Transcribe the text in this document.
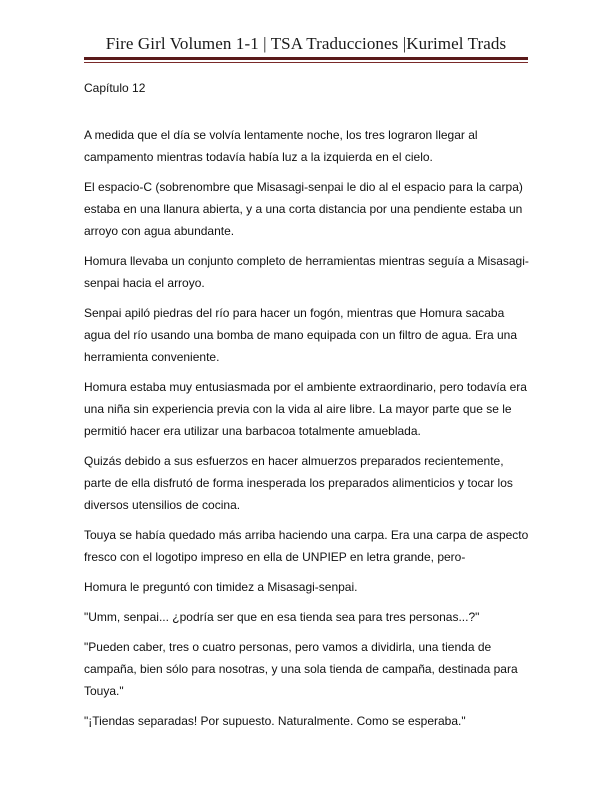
Fire Girl Volumen 1-1 | TSA Traducciones |Kurimel Trads
Capítulo 12

A medida que el día se volvía lentamente noche, los tres lograron llegar al campamento mientras todavía había luz a la izquierda en el cielo.

El espacio-C (sobrenombre que Misasagi-senpai le dio al el espacio para la carpa) estaba en una llanura abierta, y a una corta distancia por una pendiente estaba un arroyo con agua abundante.

Homura llevaba un conjunto completo de herramientas mientras seguía a Misasagi-senpai hacia el arroyo.

Senpai apiló piedras del río para hacer un fogón, mientras que Homura sacaba agua del río usando una bomba de mano equipada con un filtro de agua. Era una herramienta conveniente.

Homura estaba muy entusiasmada por el ambiente extraordinario, pero todavía era una niña sin experiencia previa con la vida al aire libre. La mayor parte que se le permitió hacer era utilizar una barbacoa totalmente amueblada.

Quizás debido a sus esfuerzos en hacer almuerzos preparados recientemente, parte de ella disfrutó de forma inesperada los preparados alimenticios y tocar los diversos utensilios de cocina.

Touya se había quedado más arriba haciendo una carpa. Era una carpa de aspecto fresco con el logotipo impreso en ella de UNPIEP en letra grande, pero-

Homura le preguntó con timidez a Misasagi-senpai.

"Umm, senpai... ¿podría ser que en esa tienda sea para tres personas...?"

"Pueden caber, tres o cuatro personas, pero vamos a dividirla, una tienda de campaña, bien sólo para nosotras, y una sola tienda de campaña, destinada para Touya."

"¡Tiendas separadas! Por supuesto. Naturalmente. Como se esperaba."
